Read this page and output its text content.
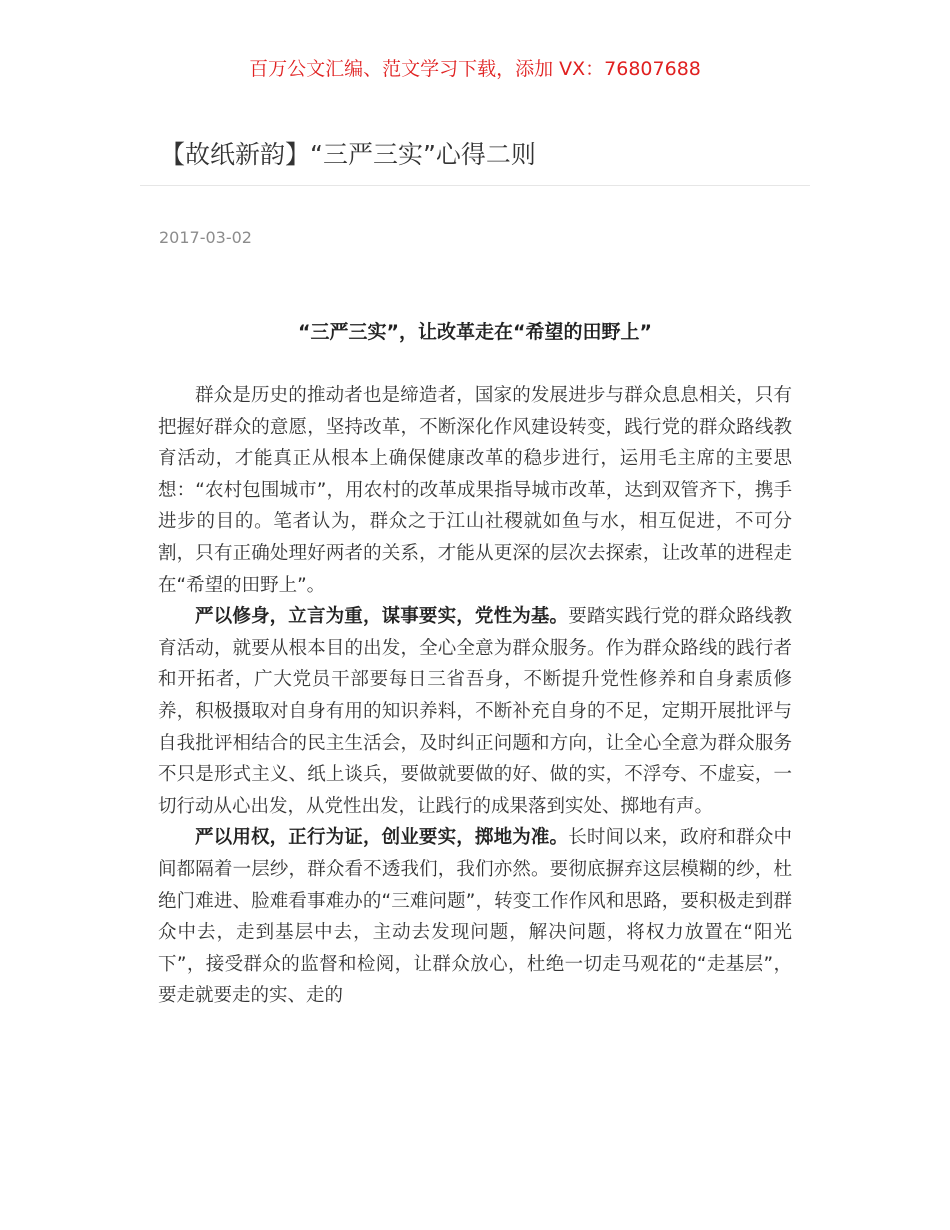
百万公文汇编、范文学习下载，添加 VX：76807688
【故纸新韵】“三严三实”心得二则
2017-03-02
“三严三实”，让改革走在“希望的田野上”

群众是历史的推动者也是缔造者，国家的发展进步与群众息息相关，只有把握好群众的意愿，坚持改革，不断深化作风建设转变，践行党的群众路线教育活动，才能真正从根本上确保健康改革的稳步进行，运用毛主席的主要思想：“农村包围城市”，用农村的改革成果指导城市改革，达到双管齐下，携手进步的目的。笔者认为，群众之于江山社稷就如鱼与水，相互促进，不可分割，只有正确处理好两者的关系，才能从更深的层次去探索，让改革的进程走在“希望的田野上”。

严以修身，立言为重，谋事要实，党性为基。要踏实践行党的群众路线教育活动，就要从根本目的出发，全心全意为群众服务。作为群众路线的践行者和开拓者，广大党员干部要每日三省吾身，不断提升党性修养和自身素质修养，积极摄取对自身有用的知识养料，不断补充自身的不足，定期开展批评与自我批评相结合的民主生活会，及时纠正问题和方向，让全心全意为群众服务不只是形式主义、纸上谈兵，要做就要做的好、做的实，不浮夸、不虚妄，一切行动从心出发，从党性出发，让践行的成果落到实处、掷地有声。

严以用权，正行为证，创业要实，掷地为准。长时间以来，政府和群众中间都隔着一层纱，群众看不透我们，我们亦然。要彻底摒弃这层模糊的纱，杜绝门难进、脸难看事难办的“三难问题”，转变工作作风和思路，要积极走到群众中去，走到基层中去，主动去发现问题，解决问题，将权力放置在“阳光下”，接受群众的监督和检阅，让群众放心，杜绝一切走马观花的“走基层”，要走就要走的实、走的
